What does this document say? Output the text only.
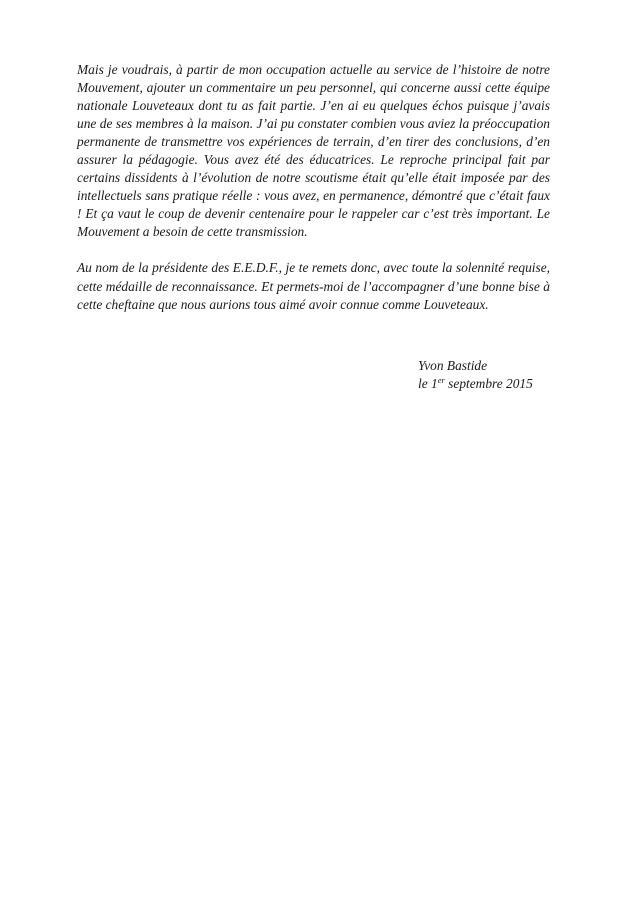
Mais je voudrais, à partir de mon occupation actuelle au service de l’histoire de notre Mouvement, ajouter un commentaire un peu personnel, qui concerne aussi cette équipe nationale Louveteaux dont tu as fait partie. J’en ai eu quelques échos puisque j’avais une de ses membres à la maison. J’ai pu constater combien vous aviez la préoccupation permanente de transmettre vos expériences de terrain, d’en tirer des conclusions, d’en assurer la pédagogie. Vous avez été des éducatrices. Le reproche principal fait par certains dissidents à l’évolution de notre scoutisme était qu’elle était imposée par des intellectuels sans pratique réelle : vous avez, en permanence, démontré que c’était faux ! Et ça vaut le coup de devenir centenaire pour le rappeler car c’est très important. Le Mouvement a besoin de cette transmission.

Au nom de la présidente des E.E.D.F., je te remets donc, avec toute la solennité requise, cette médaille de reconnaissance. Et permets-moi de l’accompagner d’une bonne bise à cette cheftaine que nous aurions tous aimé avoir connue comme Louveteaux.

Yvon Bastide
le 1er septembre 2015
